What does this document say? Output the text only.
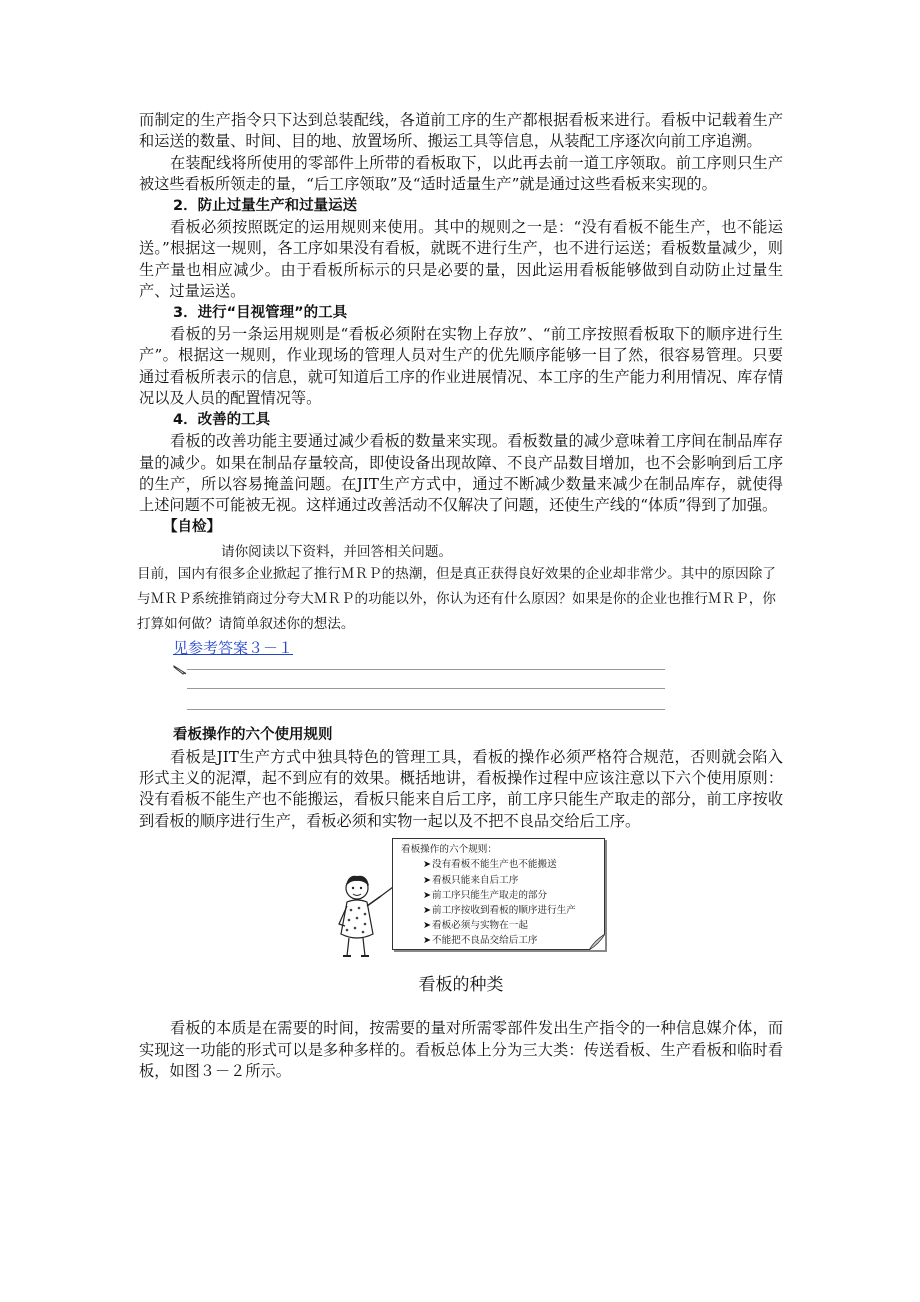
而制定的生产指令只下达到总装配线，各道前工序的生产都根据看板来进行。看板中记载着生产和运送的数量、时间、目的地、放置场所、搬运工具等信息，从装配工序逐次向前工序追溯。

在装配线将所使用的零部件上所带的看板取下，以此再去前一道工序领取。前工序则只生产被这些看板所领走的量，“后工序领取”及“适时适量生产”就是通过这些看板来实现的。

2．防止过量生产和过量运送

看板必须按照既定的运用规则来使用。其中的规则之一是：“没有看板不能生产，也不能运送。”根据这一规则，各工序如果没有看板，就既不进行生产，也不进行运送；看板数量减少，则生产量也相应减少。由于看板所标示的只是必要的量，因此运用看板能够做到自动防止过量生产、过量运送。

3．进行“目视管理”的工具

看板的另一条运用规则是“看板必须附在实物上存放”、“前工序按照看板取下的顺序进行生产”。根据这一规则，作业现场的管理人员对生产的优先顺序能够一目了然，很容易管理。只要通过看板所表示的信息，就可知道后工序的作业进展情况、本工序的生产能力利用情况、库存情况以及人员的配置情况等。

4．改善的工具

看板的改善功能主要通过减少看板的数量来实现。看板数量的减少意味着工序间在制品库存量的减少。如果在制品存量较高，即使设备出现故障、不良产品数目增加，也不会影响到后工序的生产，所以容易掩盖问题。在JIT生产方式中，通过不断减少数量来减少在制品库存，就使得上述问题不可能被无视。这样通过改善活动不仅解决了问题，还使生产线的“体质”得到了加强。

【自检】

请你阅读以下资料，并回答相关问题。

目前，国内有很多企业掀起了推行ＭＲＰ的热潮，但是真正获得良好效果的企业却非常少。其中的原因除了与ＭＲＰ系统推销商过分夸大ＭＲＰ的功能以外，你认为还有什么原因？如果是你的企业也推行ＭＲＰ，你打算如何做？请简单叙述你的想法。

见参考答案３－１

看板操作的六个使用规则

看板是JIT生产方式中独具特色的管理工具，看板的操作必须严格符合规范，否则就会陷入形式主义的泥潭，起不到应有的效果。概括地讲，看板操作过程中应该注意以下六个使用原则：没有看板不能生产也不能搬运，看板只能来自后工序，前工序只能生产取走的部分，前工序按收到看板的顺序进行生产，看板必须和实物一起以及不把不良品交给后工序。

看板操作的六个规则：
➤ 没有看板不能生产也不能搬送
➤ 看板只能来自后工序
➤ 前工序只能生产取走的部分
➤ 前工序按收到看板的顺序进行生产
➤ 看板必须与实物在一起
➤ 不能把不良品交给后工序

看板的种类

看板的本质是在需要的时间，按需要的量对所需零部件发出生产指令的一种信息媒介体，而实现这一功能的形式可以是多种多样的。看板总体上分为三大类：传送看板、生产看板和临时看板，如图３－２所示。
